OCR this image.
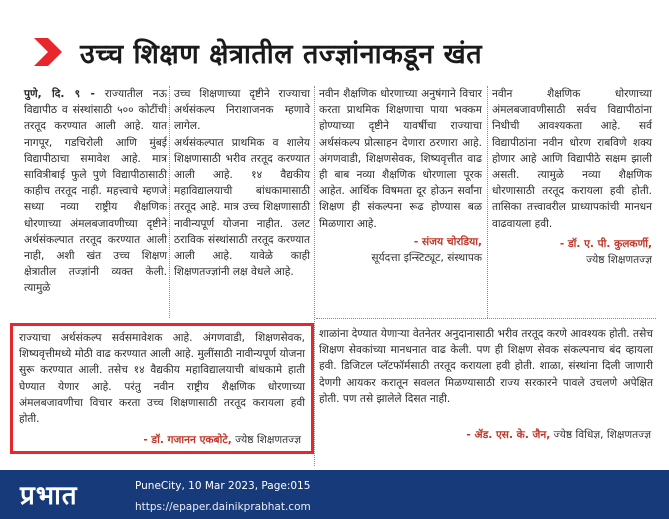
उच्च शिक्षण क्षेत्रातील तज्ज्ञांनाकडून खंत

पुणे, दि. ९ - राज्यातील नऊ विद्यापीठ व संस्थांसाठी ५०० कोटींची तरतूद करण्यात आली आहे. यात नागपूर, गडचिरोली आणि मुंबई विद्यापीठाचा समावेश आहे. मात्र सावित्रीबाई फुले पुणे विद्यापीठासाठी काहीच तरतूद नाही. महत्त्वाचे म्हणजे सध्या नव्या राष्ट्रीय शैक्षणिक धोरणाच्या अंमलबजावणीच्या दृष्टीने अर्थसंकल्पात तरतूद करण्यात आली नाही, अशी खंत उच्च शिक्षण क्षेत्रातील तज्ज्ञांनी व्यक्त केली. त्यामुळे

उच्च शिक्षणाच्या दृष्टीने राज्याचा अर्थसंकल्प निराशाजनक म्हणावे लागेल.
अर्थसंकल्पात प्राथमिक व शालेय शिक्षणासाठी भरीव तरतूद करण्यात आली आहे. १४ वैद्यकीय महाविद्यालयाची बांधकामासाठी तरतूद आहे. मात्र उच्च शिक्षणासाठी नावीन्यपूर्ण योजना नाहीत. उलट ठराविक संस्थांसाठी तरतूद करण्यात आली आहे. यावेळे काही शिक्षणतज्ज्ञांनी लक्ष वेधले आहे.

नवीन शैक्षणिक धोरणाच्या अनुषंगाने विचार करता प्राथमिक शिक्षणाचा पाया भक्कम होण्याच्या दृष्टीने यावर्षीचा राज्याचा अर्थसंकल्प प्रोत्साहन देणारा ठरणारा आहे. अंगणवाडी, शिक्षणसेवक, शिष्यवृत्तीत वाढ ही बाब नव्या शैक्षणिक धोरणाला पूरक आहेत. आर्थिक विषमता दूर होऊन सर्वांना शिक्षण ही संकल्पना रूढ होण्यास बळ मिळणारा आहे.

- संजय चोरडिया,
सूर्यदत्ता इन्स्टिट्यूट, संस्थापक

नवीन शैक्षणिक धोरणाच्या अंमलबजावणीसाठी सर्वच विद्यापीठांना निधीची आवश्यकता आहे. सर्व विद्यापीठांना नवीन धोरण राबविणे शक्य होणार आहे आणि विद्यापीठे सक्षम झाली असती. त्यामुळे नव्या शैक्षणिक धोरणासाठी तरतूद करायला हवी होती. तासिका तत्त्वावरील प्राध्यापकांची मानधन वाढवायला हवी.

- डॉ. ए. पी. कुलकर्णी,
ज्येष्ठ शिक्षणतज्ज्ञ

राज्याचा अर्थसंकल्प सर्वसमावेशक आहे. अंगणवाडी, शिक्षणसेवक, शिष्यवृत्तीमध्ये मोठी वाढ करण्यात आली आहे. मुलींसाठी नावीन्यपूर्ण योजना सुरू करण्यात आली. तसेच १४ वैद्यकीय महाविद्यालयाची बांधकामे हाती घेण्यात येणार आहे. परंतु नवीन राष्ट्रीय शैक्षणिक धोरणाच्या अंमलबजावणीचा विचार करता उच्च शिक्षणासाठी तरतूद करायला हवी होती.

- डॉ. गजानन एकबोटे, ज्येष्ठ शिक्षणतज्ज्ञ

शाळांना देण्यात येणाऱ्या वेतनेतर अनुदानासाठी भरीव तरतूद करणे आवश्यक होती. तसेच शिक्षण सेवकांच्या मानधनात वाढ केली. पण ही शिक्षण सेवक संकल्पनाच बंद व्हायला हवी. डिजिटल प्लॅटफॉर्मसाठी तरतूद करायला हवी होती. शाळा, संस्थांना दिली जाणारी देणगी आयकर करातून सवलत मिळण्यासाठी राज्य सरकारने पावले उचलणे अपेक्षित होती. पण तसे झालेले दिसत नाही.

- ॲड. एस. के. जैन, ज्येष्ठ विधिज्ञ, शिक्षणतज्ज्ञ
प्रभात	PuneCity, 10 Mar 2023, Page:015
https://epaper.dainikprabhat.com
